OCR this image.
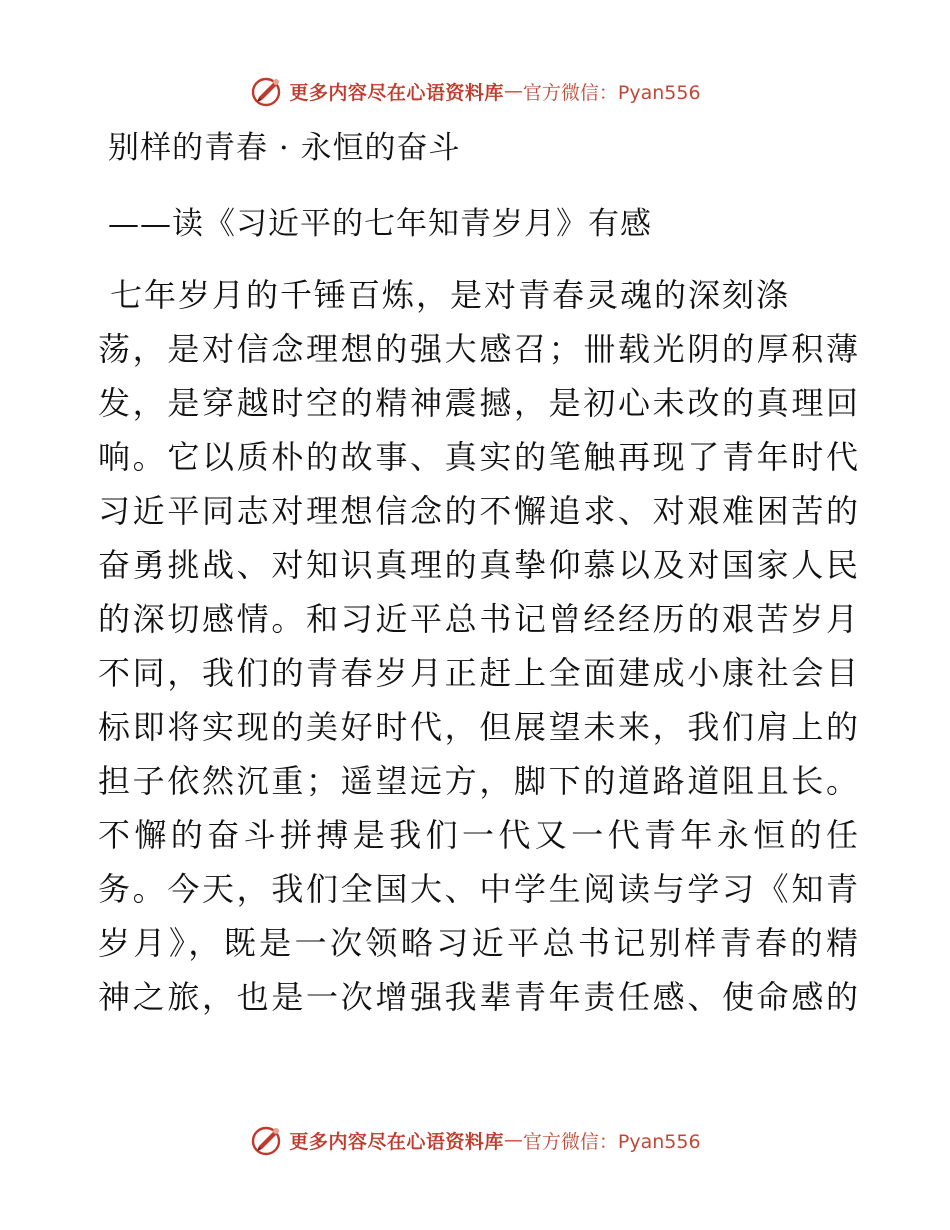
更多内容尽在心语资料库 — 官方微信：Pyan556
别样的青春 · 永恒的奋斗
——读《习近平的七年知青岁月》有感
七年岁月的千锤百炼，是对青春灵魂的深刻涤
荡，是对信念理想的强大感召；卌载光阴的厚积薄
发，是穿越时空的精神震撼，是初心未改的真理回
响。它以质朴的故事、真实的笔触再现了青年时代
习近平同志对理想信念的不懈追求、对艰难困苦的
奋勇挑战、对知识真理的真挚仰慕以及对国家人民
的深切感情。和习近平总书记曾经经历的艰苦岁月
不同，我们的青春岁月正赶上全面建成小康社会目
标即将实现的美好时代，但展望未来，我们肩上的
担子依然沉重；遥望远方，脚下的道路道阻且长。
不懈的奋斗拼搏是我们一代又一代青年永恒的任
务。今天，我们全国大、中学生阅读与学习《知青
岁月》，既是一次领略习近平总书记别样青春的精
神之旅，也是一次增强我辈青年责任感、使命感的
更多内容尽在心语资料库 — 官方微信：Pyan556
